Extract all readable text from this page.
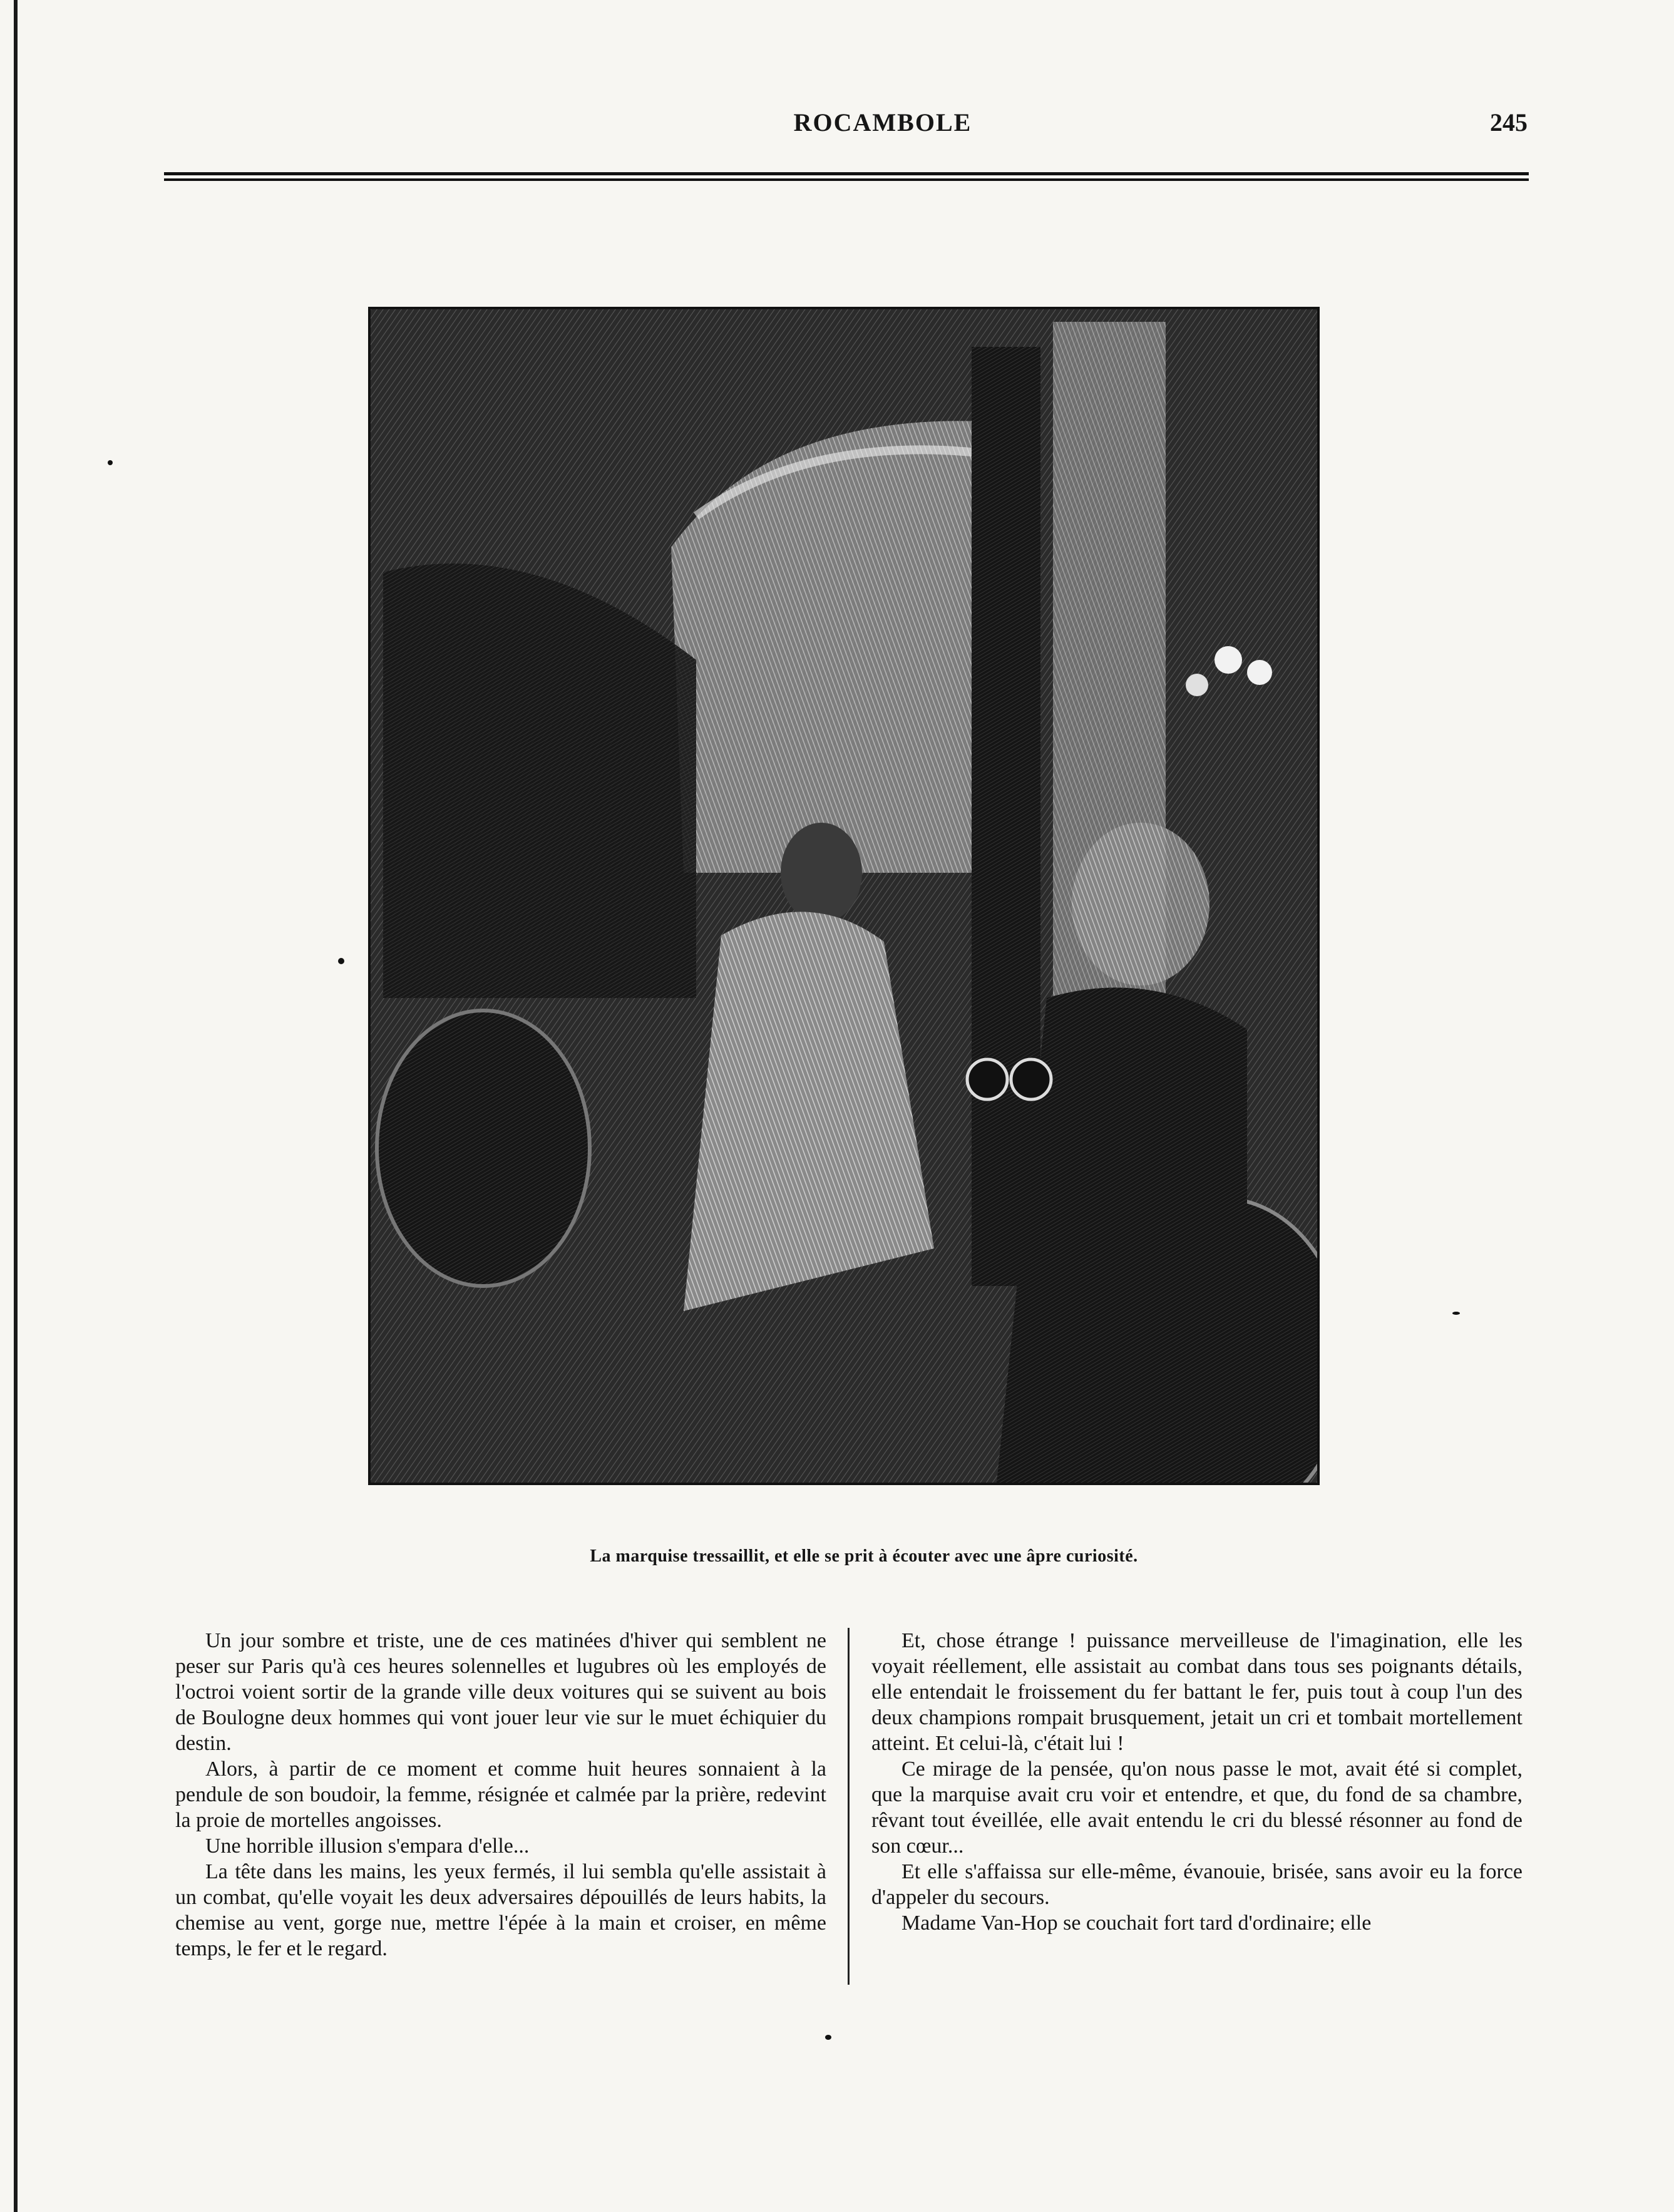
ROCAMBOLE	245
La marquise tressaillit, et elle se prit à écouter avec une âpre curiosité.

Un jour sombre et triste, une de ces matinées d'hiver qui semblent ne peser sur Paris qu'à ces heures solennelles et lugubres où les employés de l'octroi voient sortir de la grande ville deux voitures qui se suivent au bois de Boulogne deux hommes qui vont jouer leur vie sur le muet échiquier du destin.

Alors, à partir de ce moment et comme huit heures sonnaient à la pendule de son boudoir, la femme, résignée et calmée par la prière, redevint la proie de mortelles angoisses.

Une horrible illusion s'empara d'elle...

La tête dans les mains, les yeux fermés, il lui sembla qu'elle assistait à un combat, qu'elle voyait les deux adversaires dépouillés de leurs habits, la chemise au vent, gorge nue, mettre l'épée à la main et croiser, en même temps, le fer et le regard.

Et, chose étrange ! puissance merveilleuse de l'imagination, elle les voyait réellement, elle assistait au combat dans tous ses poignants détails, elle entendait le froissement du fer battant le fer, puis tout à coup l'un des deux champions rompait brusquement, jetait un cri et tombait mortellement atteint. Et celui-là, c'était lui !

Ce mirage de la pensée, qu'on nous passe le mot, avait été si complet, que la marquise avait cru voir et entendre, et que, du fond de sa chambre, rêvant tout éveillée, elle avait entendu le cri du blessé résonner au fond de son cœur...

Et elle s'affaissa sur elle-même, évanouie, brisée, sans avoir eu la force d'appeler du secours.

Madame Van-Hop se couchait fort tard d'ordinaire; elle
